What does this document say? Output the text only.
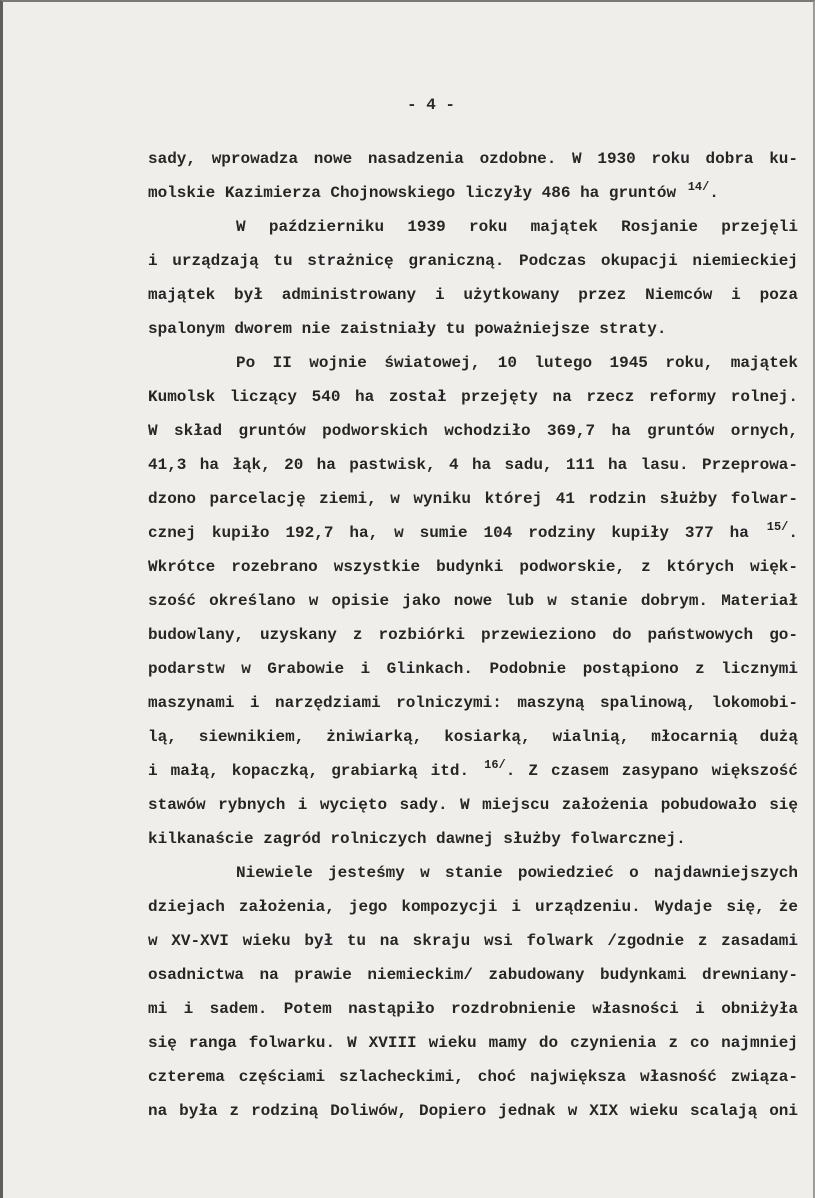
- 4 -
sady, wprowadza nowe nasadzenia ozdobne. W 1930 roku dobra ku-
molskie Kazimierza Chojnowskiego liczyły 486 ha gruntów $^{14/}$.
W październiku 1939 roku majątek Rosjanie przejęli
i urządzają tu strażnicę graniczną. Podczas okupacji niemieckiej
majątek był administrowany i użytkowany przez Niemców i poza
spalonym dworem nie zaistniały tu poważniejsze straty.
Po II wojnie światowej, 10 lutego 1945 roku, majątek
Kumolsk liczący 540 ha został przejęty na rzecz reformy rolnej.
W skład gruntów podworskich wchodziło 369,7 ha gruntów ornych,
41,3 ha łąk, 20 ha pastwisk, 4 ha sadu, 111 ha lasu. Przeprowa-
dzono parcelację ziemi, w wyniku której 41 rodzin służby folwar-
cznej kupiło 192,7 ha, w sumie 104 rodziny kupiły 377 ha $^{15/}$.
Wkrótce rozebrano wszystkie budynki podworskie, z których więk-
szość określano w opisie jako nowe lub w stanie dobrym. Materiał
budowlany, uzyskany z rozbiórki przewieziono do państwowych go-
podarstw w Grabowie i Glinkach. Podobnie postąpiono z licznymi
maszynami i narzędziami rolniczymi: maszyną spalinową, lokomobi-
lą, siewnikiem, żniwiarką, kosiarką, wialnią, młocarnią dużą
i małą, kopaczką, grabiarką itd. $^{16/}$. Z czasem zasypano większość
stawów rybnych i wycięto sady. W miejscu założenia pobudowało się
kilkanaście zagród rolniczych dawnej służby folwarcznej.
Niewiele jesteśmy w stanie powiedzieć o najdawniejszych
dziejach założenia, jego kompozycji i urządzeniu. Wydaje się, że
w XV-XVI wieku był tu na skraju wsi folwark /zgodnie z zasadami
osadnictwa na prawie niemieckim/ zabudowany budynkami drewniany-
mi i sadem. Potem nastąpiło rozdrobnienie własności i obniżyła
się ranga folwarku. W XVIII wieku mamy do czynienia z co najmniej
czterema częściami szlacheckimi, choć największa własność związa-
na była z rodziną Doliwów, Dopiero jednak w XIX wieku scalają oni
